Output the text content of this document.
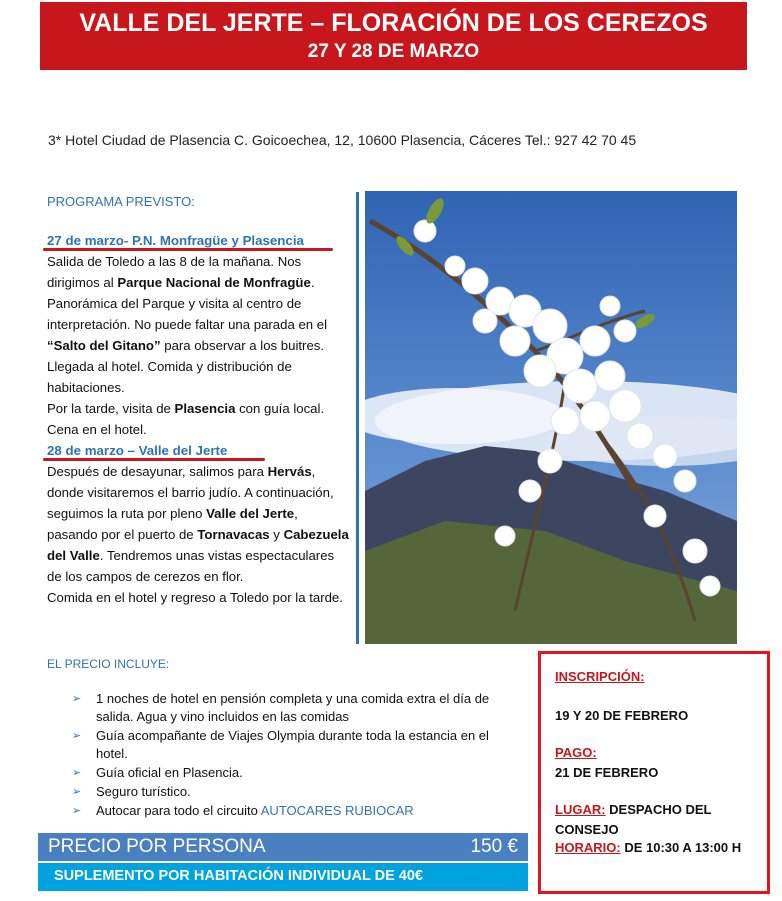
VALLE DEL JERTE – FLORACIÓN DE LOS CEREZOS
27 Y 28 DE MARZO
3* Hotel Ciudad de Plasencia C. Goicoechea, 12, 10600 Plasencia, Cáceres Tel.: 927 42 70 45
PROGRAMA PREVISTO:
27 de marzo- P.N. Monfragüe y Plasencia
Salida de Toledo a las 8 de la mañana. Nos
dirigimos al Parque Nacional de Monfragüe.
Panorámica del Parque y visita al centro de
interpretación. No puede faltar una parada en el
“Salto del Gitano” para observar a los buitres.
Llegada al hotel. Comida y distribución de
habitaciones.
Por la tarde, visita de Plasencia con guía local.
Cena en el hotel.
28 de marzo – Valle del Jerte
Después de desayunar, salimos para Hervás,
donde visitaremos el barrio judío. A continuación,
seguimos la ruta por pleno Valle del Jerte,
pasando por el puerto de Tornavacas y Cabezuela
del Valle. Tendremos unas vistas espectaculares
de los campos de cerezos en flor.
Comida en el hotel y regreso a Toledo por la tarde.
EL PRECIO INCLUYE:
➢ 1 noches de hotel en pensión completa y una comida extra el día de salida. Agua y vino incluidos en las comidas
➢ Guía acompañante de Viajes Olympia durante toda la estancia en el hotel.
➢ Guía oficial en Plasencia.
➢ Seguro turístico.
➢ Autocar para todo el circuito AUTOCARES RUBIOCAR
PRECIO POR PERSONA	150 €
SUPLEMENTO POR HABITACIÓN INDIVIDUAL DE 40€
INSCRIPCIÓN:
19 Y 20 DE FEBRERO
PAGO:
21 DE FEBRERO
LUGAR: DESPACHO DEL
CONSEJO
HORARIO: DE 10:30 A 13:00 H
